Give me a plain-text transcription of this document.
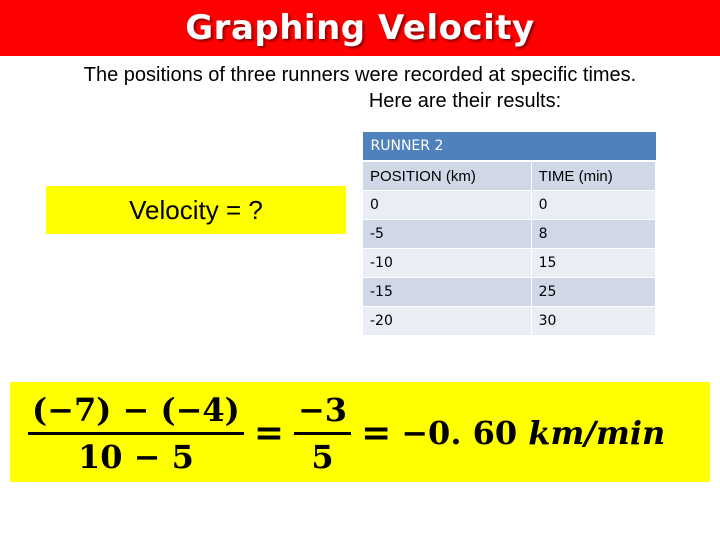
Graphing Velocity
The positions of three runners were recorded at specific times.
Here are their results:
Velocity = ?
RUNNER 2	
POSITION (km)	TIME (min)
0	0
-5	8
-10	15
-15	25
-20	30
$\frac{(-7) - (-4)}{10 - 5} = \frac{-3}{5} = -0$. 60 km/min
